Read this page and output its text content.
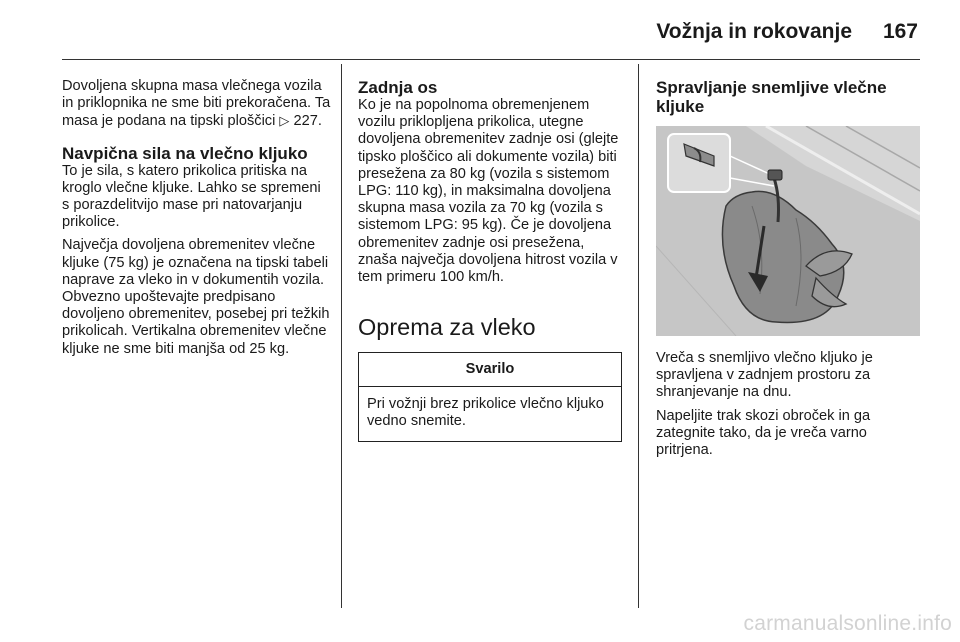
Vožnja in rokovanje 167

Dovoljena skupna masa vlečnega vozila in priklopnika ne sme biti prekoračena. Ta masa je podana na tipski ploščici ▷ 227.

Navpična sila na vlečno kljuko

To je sila, s katero prikolica pritiska na kroglo vlečne kljuke. Lahko se spremeni s porazdelitvijo mase pri natovarjanju prikolice.

Največja dovoljena obremenitev vlečne kljuke (75 kg) je označena na tipski tabeli naprave za vleko in v dokumentih vozila. Obvezno upoštevajte predpisano dovoljeno obremenitev, posebej pri težkih prikolicah. Vertikalna obremenitev vlečne kljuke ne sme biti manjša od 25 kg.

Zadnja os

Ko je na popolnoma obremenjenem vozilu priklopljena prikolica, utegne dovoljena obremenitev zadnje osi (glejte tipsko ploščico ali dokumente vozila) biti presežena za 80 kg (vozila s sistemom LPG: 110 kg), in maksimalna dovoljena skupna masa vozila za 70 kg (vozila s sistemom LPG: 95 kg). Če je dovoljena obremenitev zadnje osi presežena, znaša največja dovoljena hitrost vozila v tem primeru 100 km/h.

Oprema za vleko
Svarilo

Pri vožnji brez prikolice vlečno kljuko vedno snemite.

Spravljanje snemljive vlečne kljuke

Vreča s snemljivo vlečno kljuko je spravljena v zadnjem prostoru za shranjevanje na dnu.

Napeljite trak skozi obroček in ga zategnite tako, da je vreča varno pritrjena.

carmanualsonline.info
